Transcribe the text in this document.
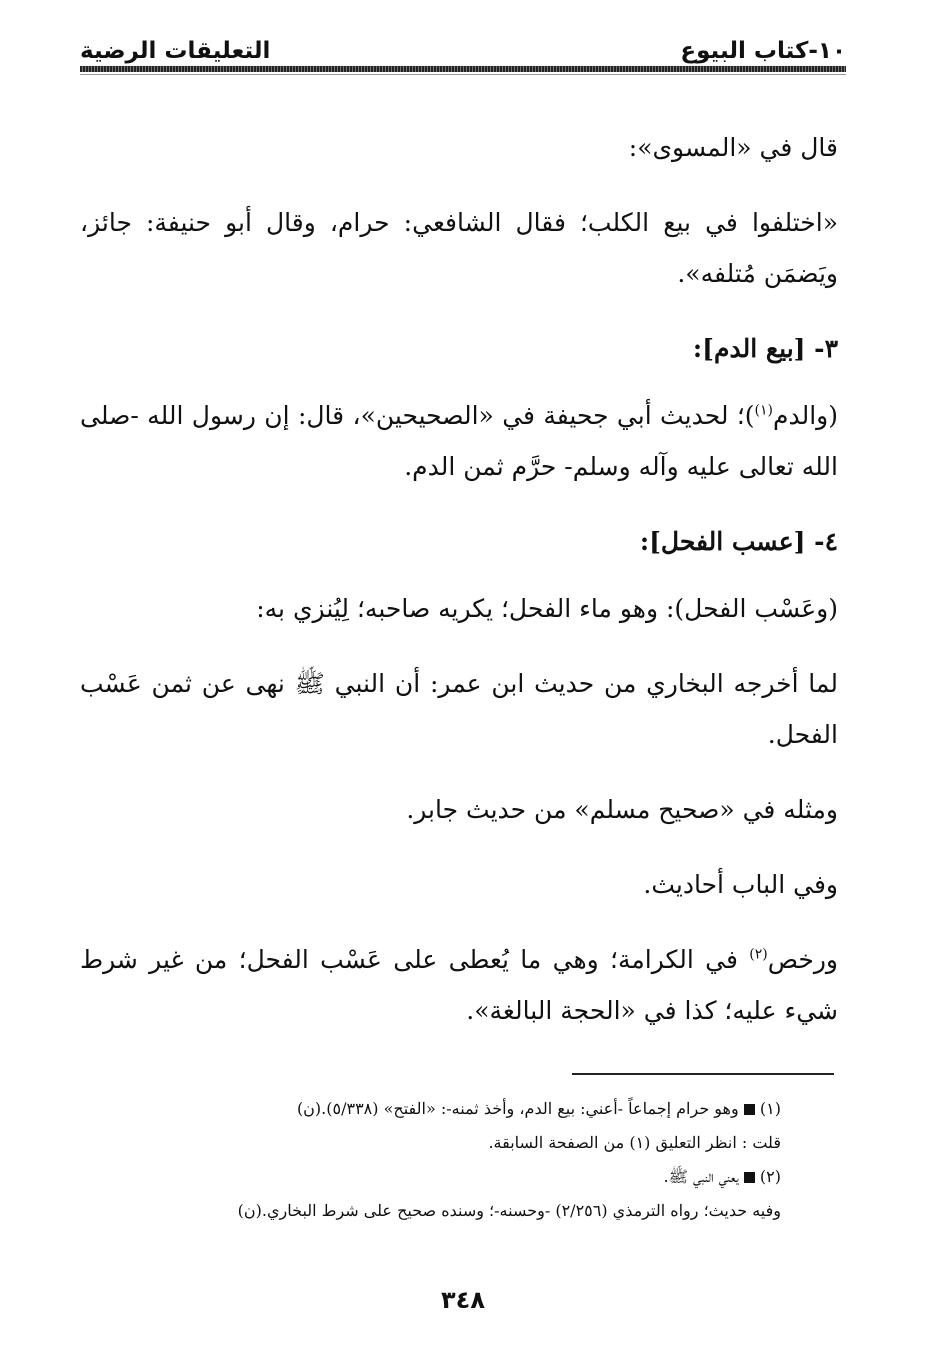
١٠-كتاب البيوع
التعليقات الرضية

قال في «المسوى»:

«اختلفوا في بيع الكلب؛ فقال الشافعي: حرام، وقال أبو حنيفة: جائز، ويَضمَن مُتلفه».

٣- [بيع الدم]:

(والدم$^{(١)}$)؛ لحديث أبي جحيفة في «الصحيحين»، قال: إن رسول الله -صلى الله تعالى عليه وآله وسلم- حرَّم ثمن الدم.

٤- [عسب الفحل]:

(وعَسْب الفحل): وهو ماء الفحل؛ يكريه صاحبه؛ لِيُنزي به:

لما أخرجه البخاري من حديث ابن عمر: أن النبي ﷺ نهى عن ثمن عَسْب الفحل.

ومثله في «صحيح مسلم» من حديث جابر.

وفي الباب أحاديث.

ورخص$^{(٢)}$ في الكرامة؛ وهي ما يُعطى على عَسْب الفحل؛ من غير شرط شيء عليه؛ كذا في «الحجة البالغة».

(١)  وهو حرام إجماعاً -أعني: بيع الدم، وأخذ ثمنه-: «الفتح» (٥/٣٣٨).(ن)

قلت : انظر التعليق (١) من الصفحة السابقة.

(٢)  يعني النبي ﷺ.

وفيه حديث؛ رواه الترمذي (٢/٢٥٦) -وحسنه-؛ وسنده صحيح على شرط البخاري.(ن)

٣٤٨
